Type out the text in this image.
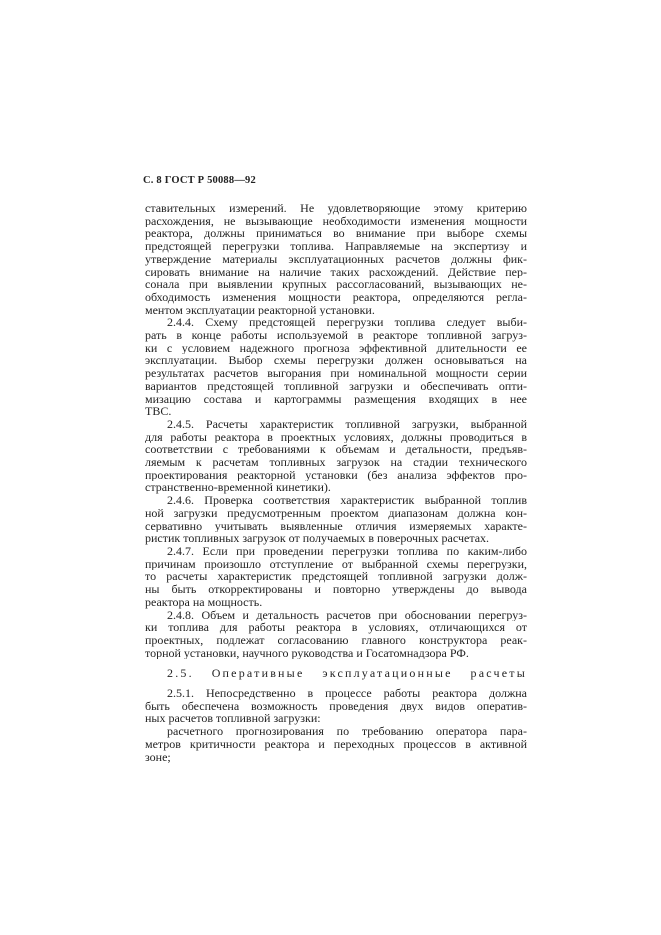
С. 8 ГОСТ Р 50088—92
ставительных измерений. Не удовлетворяющие этому критерию
расхождения, не вызывающие необходимости изменения мощности
реактора, должны приниматься во внимание при выборе схемы
предстоящей перегрузки топлива. Направляемые на экспертизу и
утверждение материалы эксплуатационных расчетов должны фик-
сировать внимание на наличие таких расхождений. Действие пер-
сонала при выявлении крупных рассогласований, вызывающих не-
обходимость изменения мощности реактора, определяются регла-
ментом эксплуатации реакторной установки.
2.4.4. Схему предстоящей перегрузки топлива следует выби-
рать в конце работы используемой в реакторе топливной загруз-
ки с условием надежного прогноза эффективной длительности ее
эксплуатации. Выбор схемы перегрузки должен основываться на
результатах расчетов выгорания при номинальной мощности серии
вариантов предстоящей топливной загрузки и обеспечивать опти-
мизацию состава и картограммы размещения входящих в нее
ТВС.
2.4.5. Расчеты характеристик топливной загрузки, выбранной
для работы реактора в проектных условиях, должны проводиться в
соответствии с требованиями к объемам и детальности, предъяв-
ляемым к расчетам топливных загрузок на стадии технического
проектирования реакторной установки (без анализа эффектов про-
странственно-временной кинетики).
2.4.6. Проверка соответствия характеристик выбранной топлив
ной загрузки предусмотренным проектом диапазонам должна кон-
сервативно учитывать выявленные отличия измеряемых характе-
ристик топливных загрузок от получаемых в поверочных расчетах.
2.4.7. Если при проведении перегрузки топлива по каким-либо
причинам произошло отступление от выбранной схемы перегрузки,
то расчеты характеристик предстоящей топливной загрузки долж-
ны быть откорректированы и повторно утверждены до вывода
реактора на мощность.
2.4.8. Объем и детальность расчетов при обосновании перегруз-
ки топлива для работы реактора в условиях, отличающихся от
проектных, подлежат согласованию главного конструктора реак-
торной установки, научного руководства и Госатомнадзора РФ.
2.5. Оперативные эксплуатационные расчеты
2.5.1. Непосредственно в процессе работы реактора должна
быть обеспечена возможность проведения двух видов оператив-
ных расчетов топливной загрузки:
расчетного прогнозирования по требованию оператора пара-
метров критичности реактора и переходных процессов в активной
зоне;
